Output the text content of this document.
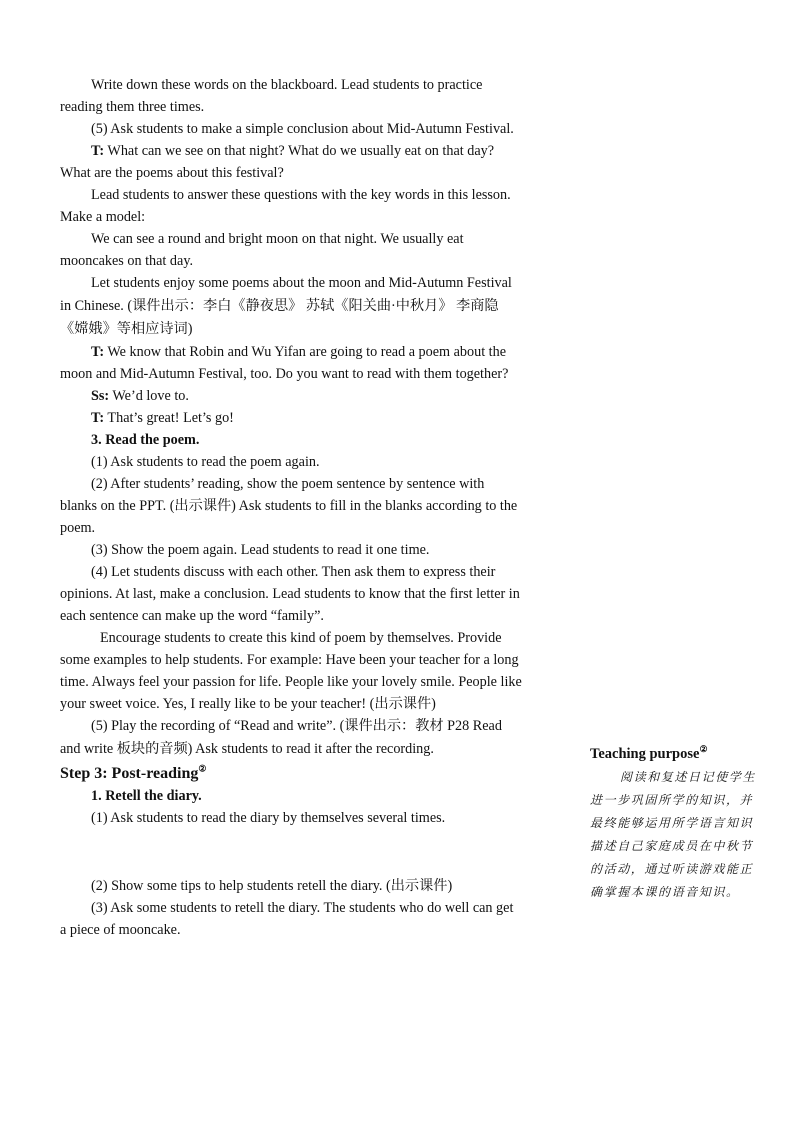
Write down these words on the blackboard. Lead students to practice reading them three times.

(5) Ask students to make a simple conclusion about Mid-Autumn Festival.

T: What can we see on that night? What do we usually eat on that day? What are the poems about this festival?

Lead students to answer these questions with the key words in this lesson. Make a model:

We can see a round and bright moon on that night. We usually eat mooncakes on that day.

Let students enjoy some poems about the moon and Mid-Autumn Festival in Chinese. (课件出示：李白《静夜思》 苏轼《阳关曲·中秋月》 李商隐《嫦娥》等相应诗词)

T: We know that Robin and Wu Yifan are going to read a poem about the moon and Mid-Autumn Festival, too. Do you want to read with them together?

Ss: We’d love to.

T: That’s great! Let’s go!

3. Read the poem.

(1) Ask students to read the poem again.

(2) After students’ reading, show the poem sentence by sentence with blanks on the PPT. (出示课件) Ask students to fill in the blanks according to the poem.

(3) Show the poem again. Lead students to read it one time.

(4) Let students discuss with each other. Then ask them to express their opinions. At last, make a conclusion. Lead students to know that the first letter in each sentence can make up the word “family”.

Encourage students to create this kind of poem by themselves. Provide some examples to help students. For example: Have been your teacher for a long time. Always feel your passion for life. People like your lovely smile. People like your sweet voice. Yes, I really like to be your teacher! (出示课件)

(5) Play the recording of “Read and write”. (课件出示：教材 P28 Read and write 板块的音频) Ask students to read it after the recording.

Step 3: Post-reading②

1. Retell the diary.

(1) Ask students to read the diary by themselves several times.

(2) Show some tips to help students retell the diary. (出示课件)

(3) Ask some students to retell the diary. The students who do well can get a piece of mooncake.

Teaching purpose②

阅读和复述日记使学生进一步巩固所学的知识，并最终能够运用所学语言知识描述自己家庭成员在中秋节的活动，通过听读游戏能正确掌握本课的语音知识。
